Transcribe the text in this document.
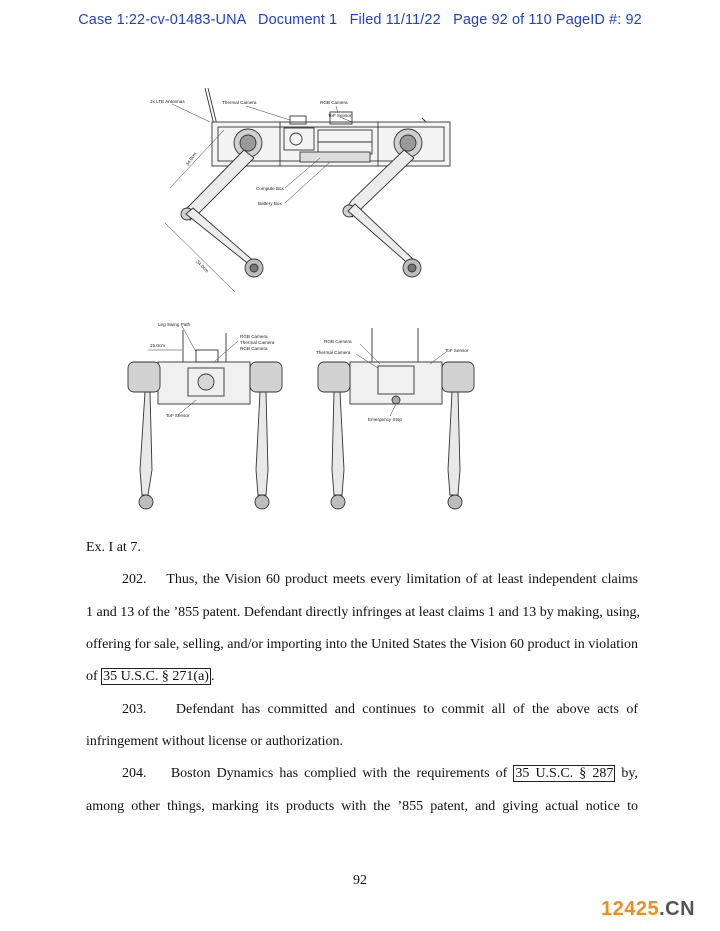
Case 1:22-cv-01483-UNA   Document 1   Filed 11/11/22   Page 92 of 110 PageID #: 92
2x LTE Antennas	Thermal Camera	RGB Camera
ToF Sensor
Compute Box
Battery Box
34.0cm
34.0cm
Leg Swing Path
15.0cm
RGB Camera
Thermal Camera
RGB Camera
ToF Sensor
RGB Camera
Thermal Camera	ToF Sensor
Emergency Stop
Ex. I at 7.
202. Thus, the Vision 60 product meets every limitation of at least independent claims
1 and 13 of the ’855 patent. Defendant directly infringes at least claims 1 and 13 by making, using,
offering for sale, selling, and/or importing into the United States the Vision 60 product in violation
of 35 U.S.C. § 271(a) .
203. Defendant has committed and continues to commit all of the above acts of
infringement without license or authorization.
204. Boston Dynamics has complied with the requirements of 35 U.S.C. § 287 by,
among other things, marking its products with the ’855 patent, and giving actual notice to
92
12425.CN
